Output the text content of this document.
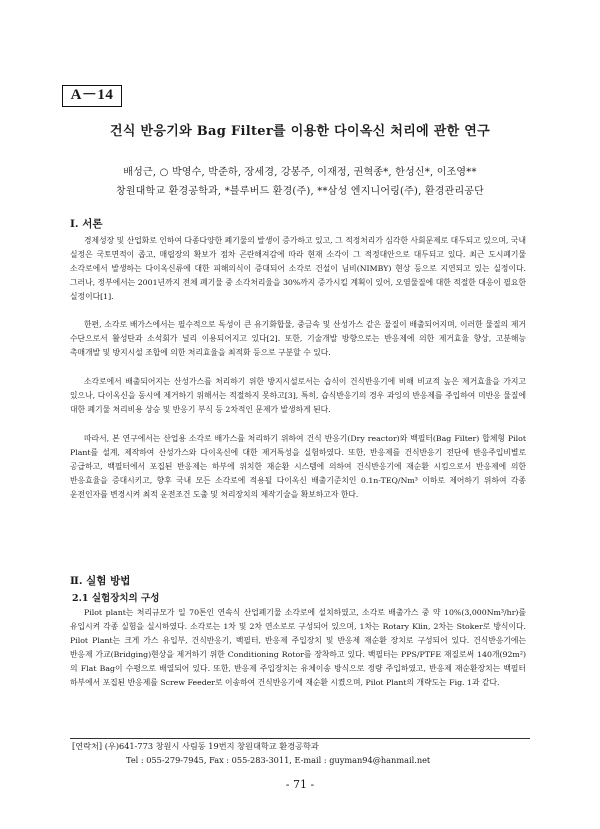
A－14
건식 반응기와 Bag Filter를 이용한 다이옥신 처리에 관한 연구
배성근, ○ 박영수, 박준하, 장세경, 강봉주, 이재정, 권혁종*, 한성신*, 이조영**
창원대학교 환경공학과, *블루버드 환경(주), **삼성 엔지니어링(주), 환경관리공단
Ⅰ. 서론
경제성장 및 산업화로 인하여 다종다양한 폐기물의 발생이 증가하고 있고, 그 적정처리가 심각한 사회문제로 대두되고 있으며, 국내 실정은 국토면적이 좁고, 매립장의 확보가 점차 곤란해져감에 따라 현재 소각이 그 적정대안으로 대두되고 있다. 최근 도시폐기물 소각로에서 발생하는 다이옥신류에 대한 피해의식이 증대되어 소각로 건설이 님비(NIMBY) 현상 등으로 지연되고 있는 실정이다. 그러나, 정부에서는 2001년까지 전체 폐기물 중 소각처리율을 30%까지 증가시킬 계획이 있어, 오염물질에 대한 적절한 대응이 필요한 실정이다[1].
한편, 소각로 배가스에서는 필수적으로 독성이 큰 유기화합물, 중금속 및 산성가스 같은 물질이 배출되어지며, 이러한 물질의 제거 수단으로서 활성탄과 소석회가 널리 이용되어지고 있다[2]. 또한, 기술개발 방향으로는 반응제에 의한 제거효율 향상, 고분해능 촉매개발 및 방지시설 조합에 의한 처리효율을 최적화 등으로 구분할 수 있다.
소각로에서 배출되어지는 산성가스를 처리하기 위한 방지시설로서는 습식이 건식반응기에 비해 비교적 높은 제거효율을 가지고 있으나, 다이옥신을 동시에 제거하기 위해서는 적절하지 못하고[3], 특히, 습식반응기의 경우 과잉의 반응제를 주입하여 미반응 물질에 대한 폐기물 처리비용 상승 및 반응기 부식 등 2차적인 문제가 발생하게 된다.
따라서, 본 연구에서는 산업용 소각로 배가스를 처리하기 위하여 건식 반응기(Dry reactor)와 백필터(Bag Filter) 합체형 Pilot Plant를 설계, 제작하여 산성가스와 다이옥신에 대한 제거특성을 실험하였다. 또한, 반응제를 건식반응기 전단에 반응주입비별로 공급하고, 백필터에서 포집된 반응제는 하부에 위치한 재순환 시스템에 의하여 건식반응기에 재순환 시킴으로서 반응제에 의한 반응효율을 증대시키고, 향후 국내 모든 소각로에 적용될 다이옥신 배출기준치인 0.1n-TEQ/Nm³ 이하로 제어하기 위하여 각종 운전인자를 변경시켜 최적 운전조건 도출 및 처리장치의 제작기술을 확보하고자 한다.
Ⅱ. 실험 방법
2.1 실험장치의 구성
Pilot plant는 처리규모가 일 70톤인 연속식 산업폐기물 소각로에 설치하였고, 소각로 배출가스 중 약 10%(3,000Nm³/hr)를 유입시켜 각종 실험을 실시하였다. 소각로는 1차 및 2차 연소로로 구성되어 있으며, 1차는 Rotary Klin, 2차는 Stoker로 방식이다. Pilot Plant는 크게 가스 유입부, 건식반응기, 백필터, 반응제 주입장치 및 반응제 재순환 장치로 구성되어 있다. 건식반응기에는 반응제 가교(Bridging)현상을 제거하기 위한 Conditioning Rotor를 장착하고 있다. 백필터는 PPS/PTFE 재질로써 140개(92m²)의 Flat Bag이 수평으로 배열되어 있다. 또한, 반응제 주입장치는 유체이송 방식으로 정량 주입하였고, 반응제 재순환장치는 백필터 하부에서 포집된 반응제를 Screw Feeder로 이송하여 건식반응기에 재순환 시켰으며, Pilot Plant의 개략도는 Fig. 1과 같다.
[연락처] (우)641-773 창원시 사림동 19번지 창원대학교 환경공학과
Tel : 055-279-7945, Fax : 055-283-3011, E-mail : guyman94@hanmail.net
- 71 -
